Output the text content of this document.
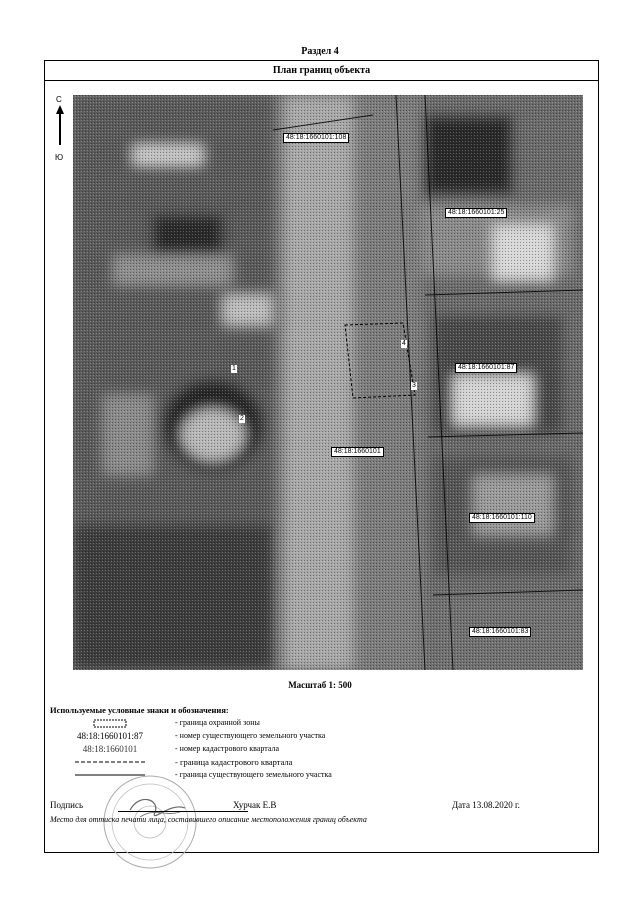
Раздел 4
План границ объекта
С
Ю
48:18:1660101:108
48:18:1660101:25
48:18:1660101:87
48:18:1660101:110
48:18:1660101:83
48:18:1660101
1
2
3
4
Масштаб 1: 500
Используемые условные знаки и обозначения:
- граница охранной зоны
48:18:1660101:87	- номер существующего земельного участка
48:18:1660101	- номер кадастрового квартала
- граница кадастрового квартала
- граница существующего земельного участка
Подпись	Хурчак Е.В	Дата 13.08.2020 г.
Место для оттиска печати лица, составившего описание местоположения границ объекта
